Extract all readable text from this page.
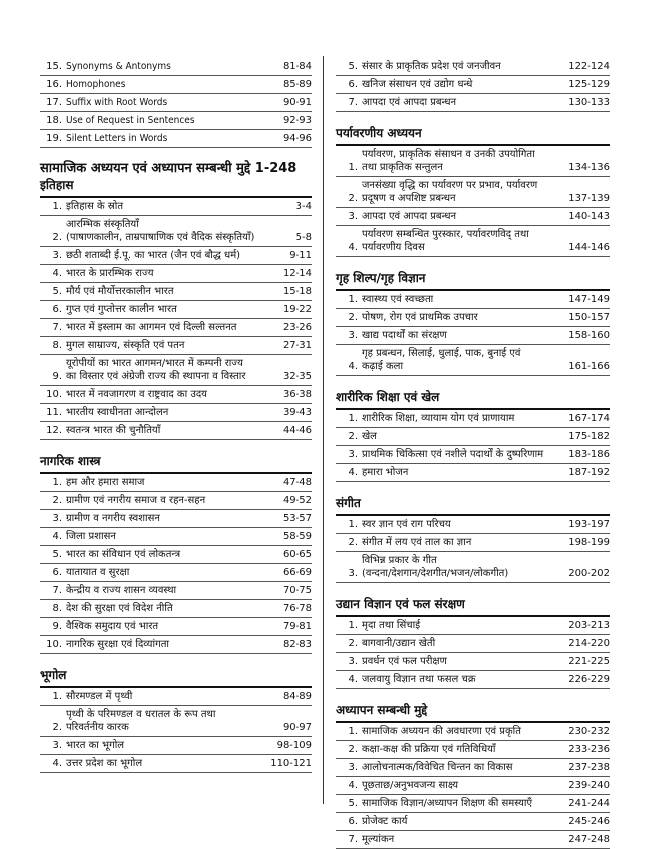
15. Synonyms & Antonyms	81-84
16. Homophones	85-89
17. Suffix with Root Words	90-91
18. Use of Request in Sentences	92-93
19. Silent Letters in Words	94-96
सामाजिक अध्ययन एवं अध्यापन सम्बन्धी मुद्दे 1-248
इतिहास
1. इतिहास के स्रोत	3-4
2.
आरम्भिक संस्कृतियाँ
(पाषाणकालीन, ताम्रपाषाणिक एवं वैदिक संस्कृतियाँ)	5-8
3. छठी शताब्दी ई.पू. का भारत (जैन एवं बौद्ध धर्म)	9-11
4. भारत के प्रारम्भिक राज्य	12-14
5. मौर्य एवं मौर्योत्तरकालीन भारत	15-18
6. गुप्त एवं गुप्तोत्तर कालीन भारत	19-22
7. भारत में इस्लाम का आगमन एवं दिल्ली सल्तनत	23-26
8. मुगल साम्राज्य, संस्कृति एवं पतन	27-31
9.
यूरोपीयों का भारत आगमन/भारत में कम्पनी राज्य
का विस्तार एवं अंग्रेजी राज्य की स्थापना व विस्तार	32-35
10. भारत में नवजागरण व राष्ट्रवाद का उदय	36-38
11. भारतीय स्वाधीनता आन्दोलन	39-43
12. स्वतन्त्र भारत की चुनौतियाँ	44-46
नागरिक शास्त्र
1. हम और हमारा समाज	47-48
2. ग्रामीण एवं नगरीय समाज व रहन-सहन	49-52
3. ग्रामीण व नगरीय स्वशासन	53-57
4. जिला प्रशासन	58-59
5. भारत का संविधान एवं लोकतन्त्र	60-65
6. यातायात व सुरक्षा	66-69
7. केन्द्रीय व राज्य शासन व्यवस्था	70-75
8. देश की सुरक्षा एवं विदेश नीति	76-78
9. वैश्विक समुदाय एवं भारत	79-81
10. नागरिक सुरक्षा एवं दिव्यांगता	82-83
भूगोल
1. सौरमण्डल में पृथ्वी	84-89
2.
पृथ्वी के परिमण्डल व धरातल के रूप तथा
परिवर्तनीय कारक	90-97
3. भारत का भूगोल	98-109
4. उत्तर प्रदेश का भूगोल	110-121
5. संसार के प्राकृतिक प्रदेश एवं जनजीवन	122-124
6. खनिज संसाधन एवं उद्योग धन्धे	125-129
7. आपदा एवं आपदा प्रबन्धन	130-133
पर्यावरणीय अध्ययन
1.
पर्यावरण, प्राकृतिक संसाधन व उनकी उपयोगिता
तथा प्राकृतिक सन्तुलन	134-136
2.
जनसंख्या वृद्धि का पर्यावरण पर प्रभाव, पर्यावरण
प्रदूषण व अपशिष्ट प्रबन्धन	137-139
3. आपदा एवं आपदा प्रबन्धन	140-143
4.
पर्यावरण सम्बन्धित पुरस्कार, पर्यावरणविद् तथा
पर्यावरणीय दिवस	144-146
गृह शिल्प/गृह विज्ञान
1. स्वास्थ्य एवं स्वच्छता	147-149
2. पोषण, रोग एवं प्राथमिक उपचार	150-157
3. खाद्य पदार्थों का संरक्षण	158-160
4.
गृह प्रबन्धन, सिलाई, धुलाई, पाक, बुनाई एवं
कढ़ाई कला	161-166
शारीरिक शिक्षा एवं खेल
1. शारीरिक शिक्षा, व्यायाम योग एवं प्राणायाम	167-174
2. खेल	175-182
3. प्राथमिक चिकित्सा एवं नशीले पदार्थों के दुष्परिणाम	183-186
4. हमारा भोजन	187-192
संगीत
1. स्वर ज्ञान एवं राग परिचय	193-197
2. संगीत में लय एवं ताल का ज्ञान	198-199
3.
विभिन्न प्रकार के गीत
(वन्दना/देशगान/देशगीत/भजन/लोकगीत)	200-202
उद्यान विज्ञान एवं फल संरक्षण
1. मृदा तथा सिंचाई	203-213
2. बागवानी/उद्यान खेती	214-220
3. प्रवर्धन एवं फल परीक्षण	221-225
4. जलवायु विज्ञान तथा फसल चक्र	226-229
अध्यापन सम्बन्धी मुद्दे
1. सामाजिक अध्ययन की अवधारणा एवं प्रकृति	230-232
2. कक्षा-कक्ष की प्रक्रिया एवं गतिविधियाँ	233-236
3. आलोचनात्मक/विवेचित चिन्तन का विकास	237-238
4. पूछताछ/अनुभवजन्य साक्ष्य	239-240
5. सामाजिक विज्ञान/अध्यापन शिक्षण की समस्याएँ	241-244
6. प्रोजेक्ट कार्य	245-246
7. मूल्यांकन	247-248
